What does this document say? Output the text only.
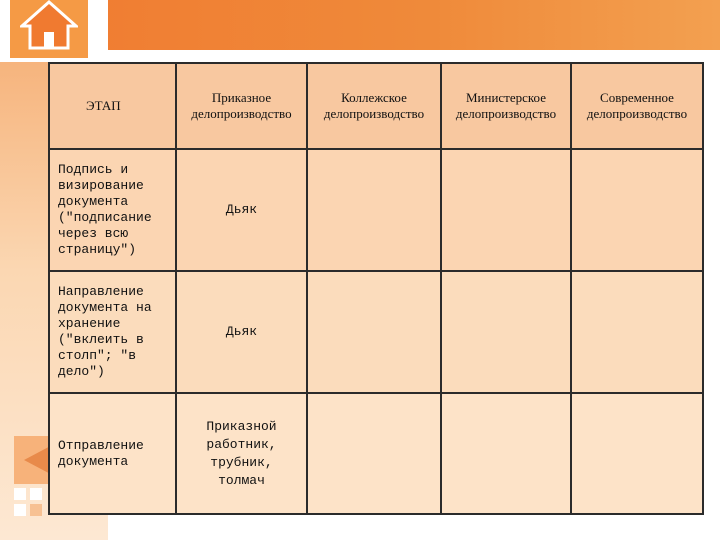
ЭТАП	Приказное делопроизводство	Коллежское делопроизводство	Министерское делопроизводство	Современное делопроизводство
Подпись и визирование документа ("подписание через всю страницу")	Дьяк			
Направление документа на хранение ("вклеить в столп"; "в дело")	Дьяк			
Отправление документа	Приказной работник, трубник, толмач			
